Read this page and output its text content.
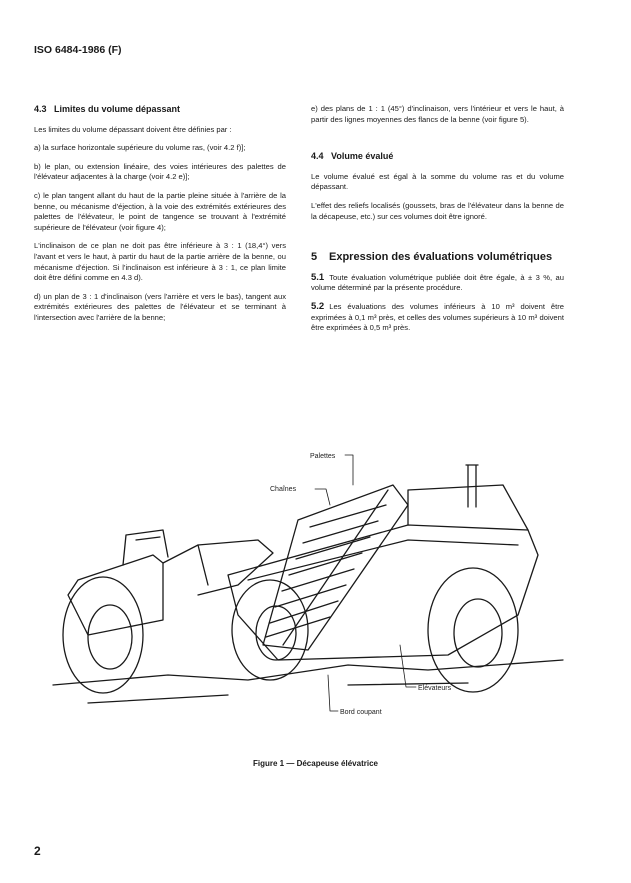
ISO 6484-1986 (F)
4.3 Limites du volume dépassant

Les limites du volume dépassant doivent être définies par :

a) la surface horizontale supérieure du volume ras, (voir 4.2 f)];

b) le plan, ou extension linéaire, des voies intérieures des palettes de l'élévateur adjacentes à la charge (voir 4.2 e)];

c) le plan tangent allant du haut de la partie pleine située à l'arrière de la benne, ou mécanisme d'éjection, à la voie des extrémités extérieures des palettes de l'élévateur, le point de tangence se trouvant à l'extrémité supérieure de l'élévateur (voir figure 4);

L'inclinaison de ce plan ne doit pas être inférieure à 3 : 1 (18,4°) vers l'avant et vers le haut, à partir du haut de la partie arrière de la benne, ou mécanisme d'éjection. Si l'inclinaison est inférieure à 3 : 1, ce plan limite doit être défini comme en 4.3 d).

d) un plan de 3 : 1 d'inclinaison (vers l'arrière et vers le bas), tangent aux extrémités extérieures des palettes de l'élévateur et se terminant à l'intersection avec l'arrière de la benne;

e) des plans de 1 : 1 (45°) d'inclinaison, vers l'intérieur et vers le haut, à partir des lignes moyennes des flancs de la benne (voir figure 5).

4.4 Volume évalué

Le volume évalué est égal à la somme du volume ras et du volume dépassant.

L'effet des reliefs localisés (goussets, bras de l'élévateur dans la benne de la décapeuse, etc.) sur ces volumes doit être ignoré.

5 Expression des évaluations volumétriques

5.1 Toute évaluation volumétrique publiée doit être égale, à ± 3 %, au volume déterminé par la présente procédure.

5.2 Les évaluations des volumes inférieurs à 10 m³ doivent être exprimées à 0,1 m³ près, et celles des volumes supérieurs à 10 m³ doivent être exprimées à 0,5 m³ près.

Palettes
Chaînes
Élévateurs
Bord coupant
Figure 1 — Décapeuse élévatrice
2
